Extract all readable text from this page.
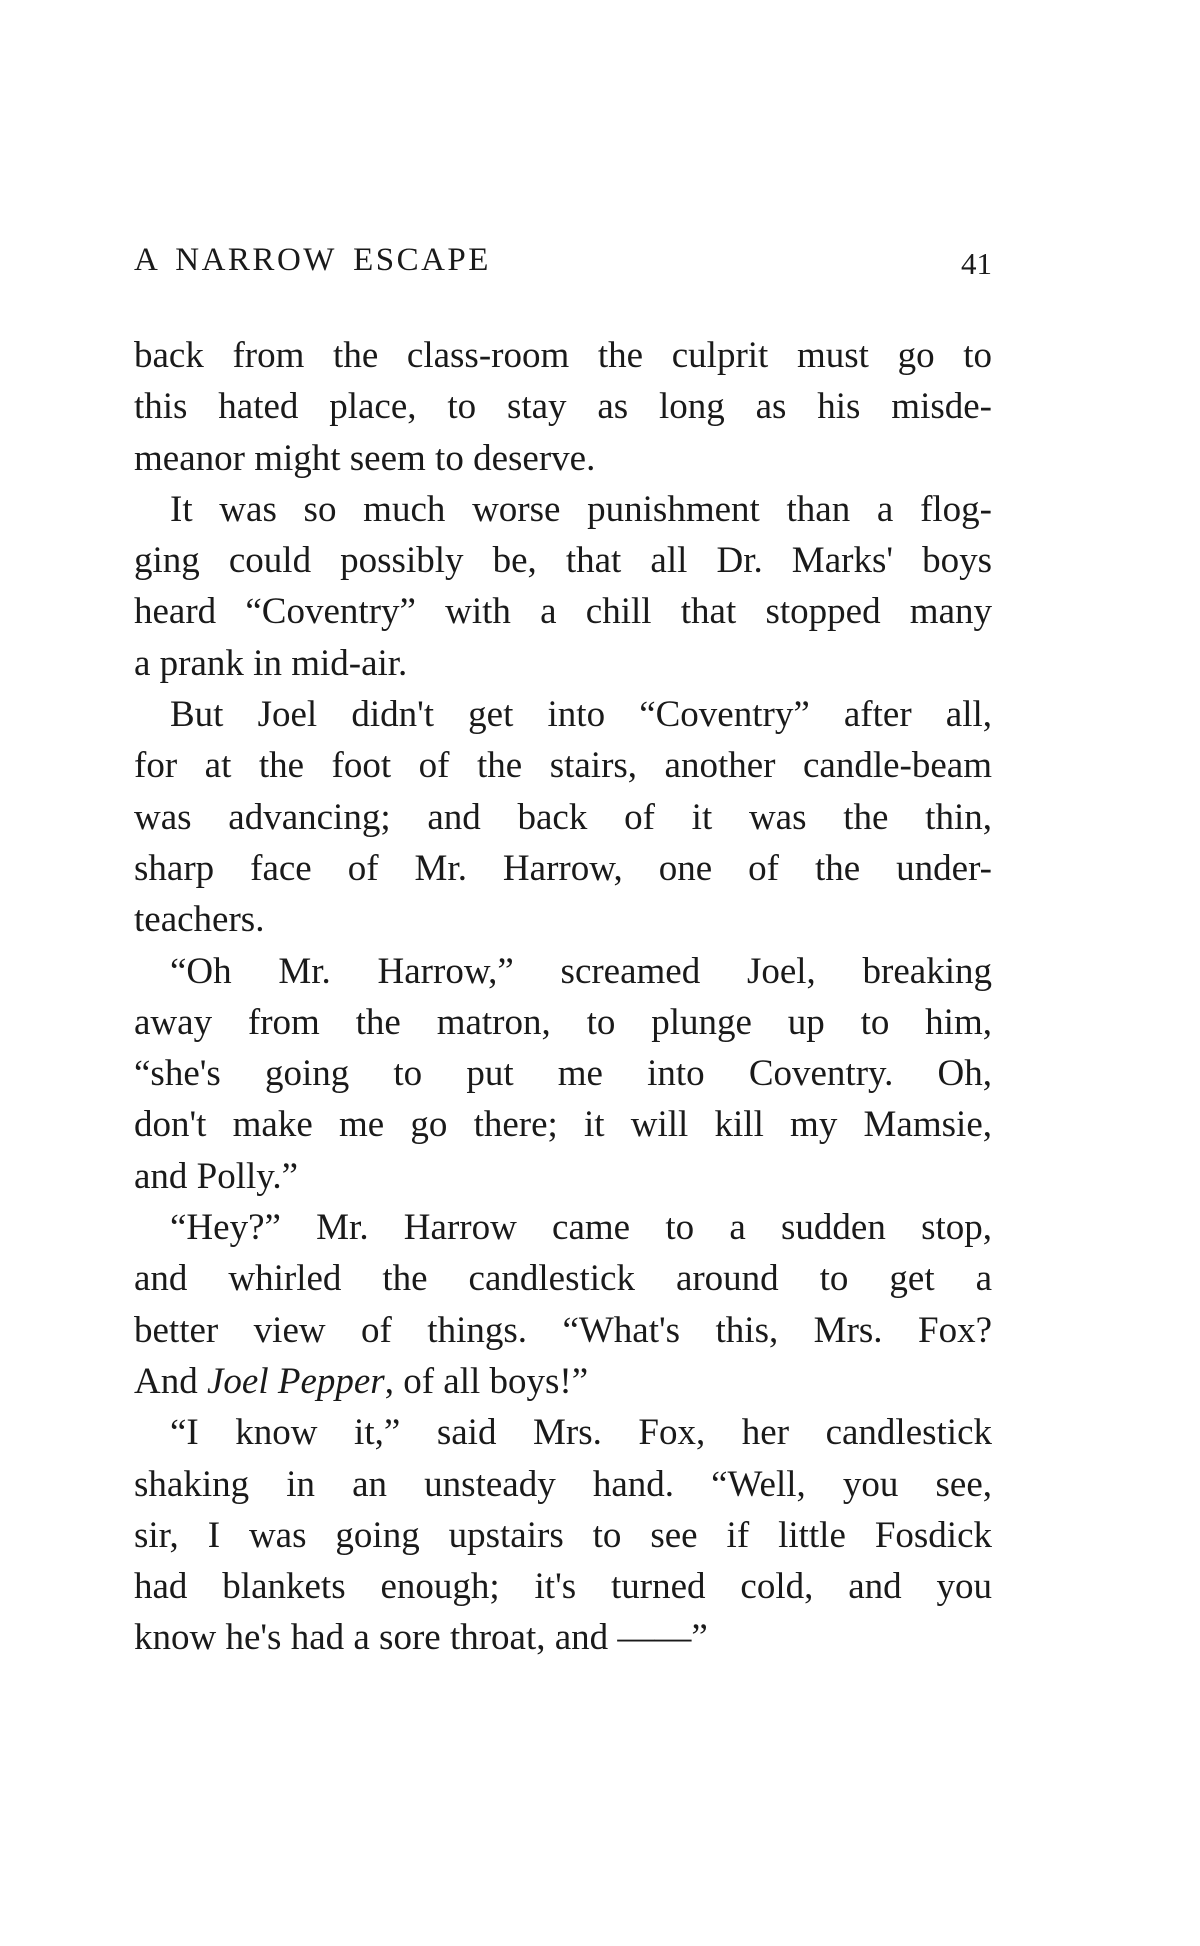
A NARROW ESCAPE	41
back from the class-room the culprit must go to
this hated place, to stay as long as his misde-
meanor might seem to deserve.
It was so much worse punishment than a flog-
ging could possibly be, that all Dr. Marks' boys
heard “Coventry” with a chill that stopped many
a prank in mid-air.
But Joel didn't get into “Coventry” after all,
for at the foot of the stairs, another candle-beam
was advancing; and back of it was the thin,
sharp face of Mr. Harrow, one of the under-
teachers.
“Oh Mr. Harrow,” screamed Joel, breaking
away from the matron, to plunge up to him,
“she's going to put me into Coventry. Oh,
don't make me go there; it will kill my Mamsie,
and Polly.”
“Hey?” Mr. Harrow came to a sudden stop,
and whirled the candlestick around to get a
better view of things. “What's this, Mrs. Fox?
And Joel Pepper, of all boys!”
“I know it,” said Mrs. Fox, her candlestick
shaking in an unsteady hand. “Well, you see,
sir, I was going upstairs to see if little Fosdick
had blankets enough; it's turned cold, and you
know he's had a sore throat, and ——”
